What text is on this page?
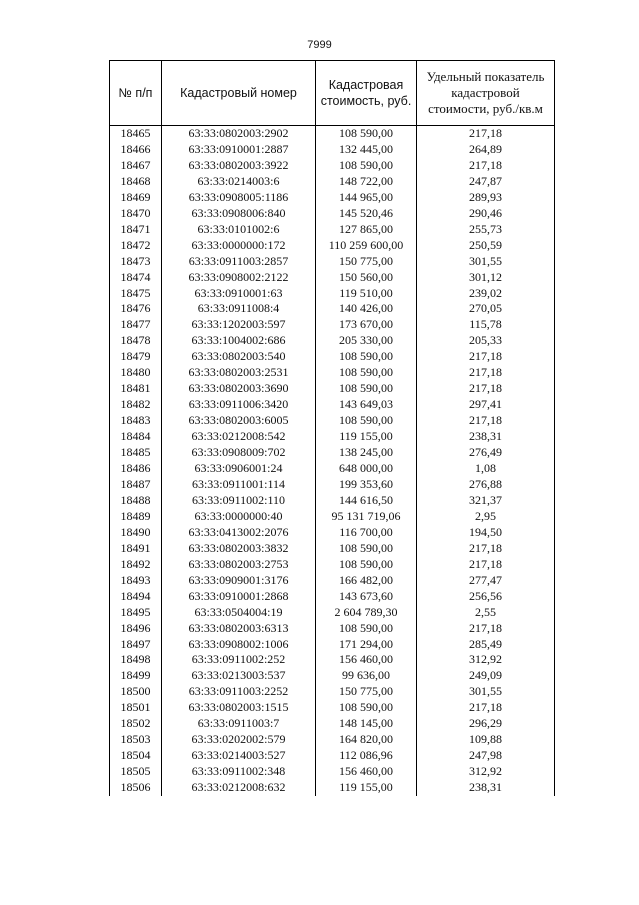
7999
№ п/п	Кадастровый номер	Кадастровая стоимость, руб.	Удельный показатель кадастровой стоимости, руб./кв.м
18465	63:33:0802003:2902	108 590,00	217,18
18466	63:33:0910001:2887	132 445,00	264,89
18467	63:33:0802003:3922	108 590,00	217,18
18468	63:33:0214003:6	148 722,00	247,87
18469	63:33:0908005:1186	144 965,00	289,93
18470	63:33:0908006:840	145 520,46	290,46
18471	63:33:0101002:6	127 865,00	255,73
18472	63:33:0000000:172	110 259 600,00	250,59
18473	63:33:0911003:2857	150 775,00	301,55
18474	63:33:0908002:2122	150 560,00	301,12
18475	63:33:0910001:63	119 510,00	239,02
18476	63:33:0911008:4	140 426,00	270,05
18477	63:33:1202003:597	173 670,00	115,78
18478	63:33:1004002:686	205 330,00	205,33
18479	63:33:0802003:540	108 590,00	217,18
18480	63:33:0802003:2531	108 590,00	217,18
18481	63:33:0802003:3690	108 590,00	217,18
18482	63:33:0911006:3420	143 649,03	297,41
18483	63:33:0802003:6005	108 590,00	217,18
18484	63:33:0212008:542	119 155,00	238,31
18485	63:33:0908009:702	138 245,00	276,49
18486	63:33:0906001:24	648 000,00	1,08
18487	63:33:0911001:114	199 353,60	276,88
18488	63:33:0911002:110	144 616,50	321,37
18489	63:33:0000000:40	95 131 719,06	2,95
18490	63:33:0413002:2076	116 700,00	194,50
18491	63:33:0802003:3832	108 590,00	217,18
18492	63:33:0802003:2753	108 590,00	217,18
18493	63:33:0909001:3176	166 482,00	277,47
18494	63:33:0910001:2868	143 673,60	256,56
18495	63:33:0504004:19	2 604 789,30	2,55
18496	63:33:0802003:6313	108 590,00	217,18
18497	63:33:0908002:1006	171 294,00	285,49
18498	63:33:0911002:252	156 460,00	312,92
18499	63:33:0213003:537	99 636,00	249,09
18500	63:33:0911003:2252	150 775,00	301,55
18501	63:33:0802003:1515	108 590,00	217,18
18502	63:33:0911003:7	148 145,00	296,29
18503	63:33:0202002:579	164 820,00	109,88
18504	63:33:0214003:527	112 086,96	247,98
18505	63:33:0911002:348	156 460,00	312,92
18506	63:33:0212008:632	119 155,00	238,31
